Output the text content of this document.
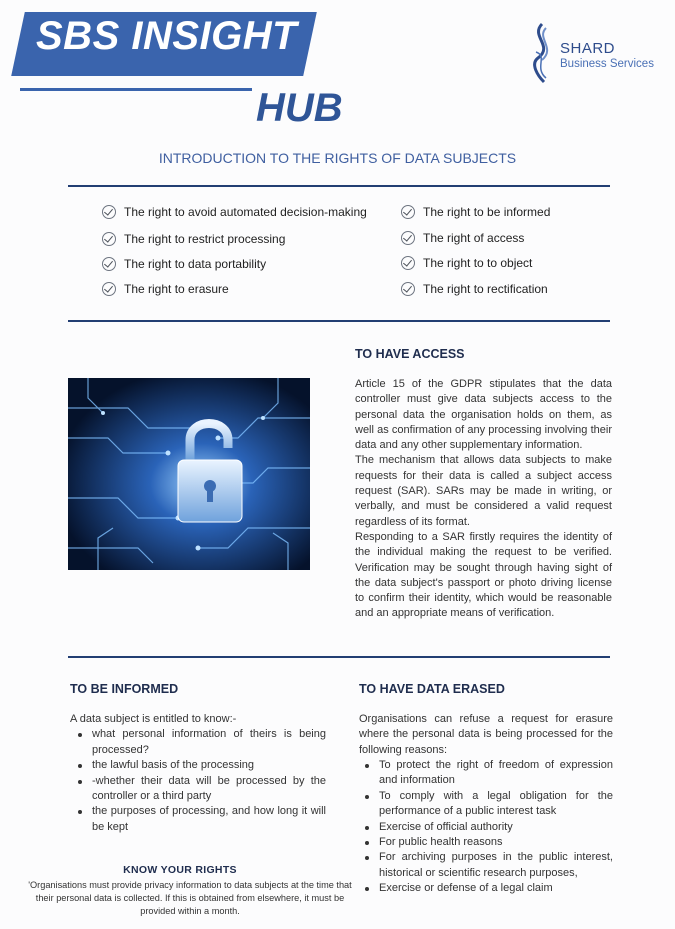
SBS INSIGHT
HUB
SHARD
Business Services
INTRODUCTION TO THE RIGHTS OF DATA SUBJECTS
The right to avoid automated decision-making
The right to restrict processing
The right to data portability
The right to erasure
The right to be informed
The right of access
The right to to object
The right to rectification
TO HAVE ACCESS

Article 15 of the GDPR stipulates that the data controller must give data subjects access to the personal data the organisation holds on them, as well as confirmation of any processing involving their data and any other supplementary information.

The mechanism that allows data subjects to make requests for their data is called a subject access request (SAR). SARs may be made in writing, or verbally, and must be considered a valid request regardless of its format.

Responding to a SAR firstly requires the identity of the individual making the request to be verified. Verification may be sought through having sight of the data subject's passport or photo driving license to confirm their identity, which would be reasonable and an appropriate means of verification.

TO BE INFORMED

A data subject is entitled to know:-

what personal information of theirs is being processed?
the lawful basis of the processing
-whether their data will be processed by the controller or a third party
the purposes of processing, and how long it will be kept
TO HAVE DATA ERASED

Organisations can refuse a request for erasure where the personal data is being processed for the following reasons:

To protect the right of freedom of expression and information
To comply with a legal obligation for the performance of a public interest task
Exercise of official authority
For public health reasons
For archiving purposes in the public interest, historical or scientific research purposes,
Exercise or defense of a legal claim
KNOW YOUR RIGHTS
'Organisations must provide privacy information to data subjects at the time that their personal data is collected. If this is obtained from elsewhere, it must be provided within a month.
